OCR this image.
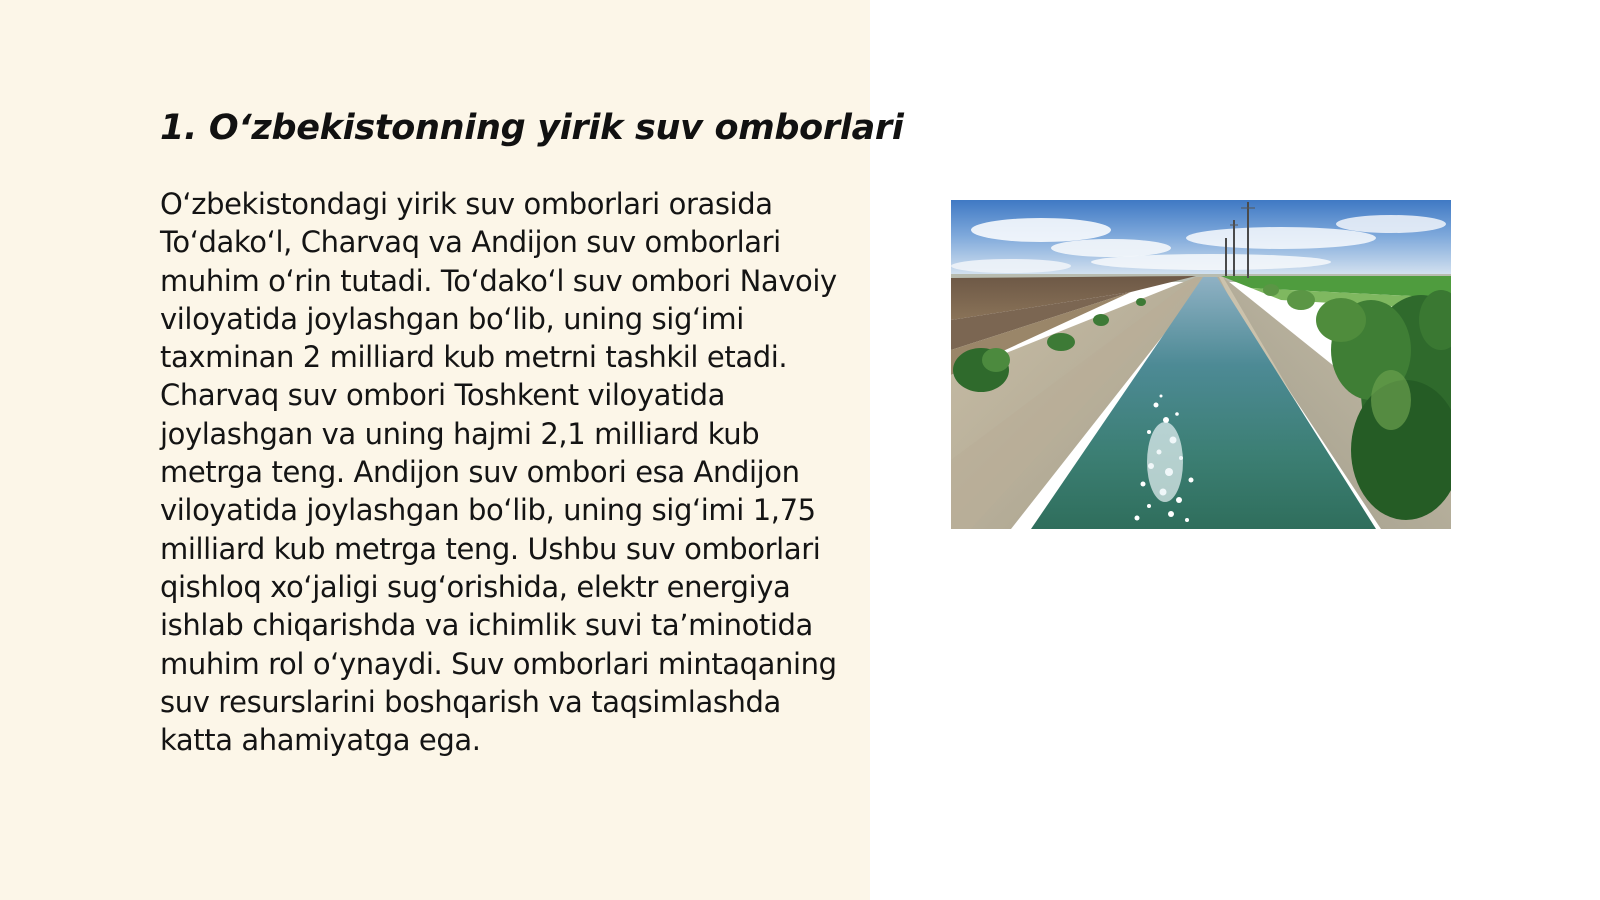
1. O‘zbekistonning yirik suv omborlari

O‘zbekistondagi yirik suv omborlari orasida To‘dako‘l, Charvaq va Andijon suv omborlari muhim o‘rin tutadi. To‘dako‘l suv ombori Navoiy viloyatida joylashgan bo‘lib, uning sig‘imi taxminan 2 milliard kub metrni tashkil etadi. Charvaq suv ombori Toshkent viloyatida joylashgan va uning hajmi 2,1 milliard kub metrga teng. Andijon suv ombori esa Andijon viloyatida joylashgan bo‘lib, uning sig‘imi 1,75 milliard kub metrga teng. Ushbu suv omborlari qishloq xo‘jaligi sug‘orishida, elektr energiya ishlab chiqarishda va ichimlik suvi ta’minotida muhim rol o‘ynaydi. Suv omborlari mintaqaning suv resurslarini boshqarish va taqsimlashda katta ahamiyatga ega.
